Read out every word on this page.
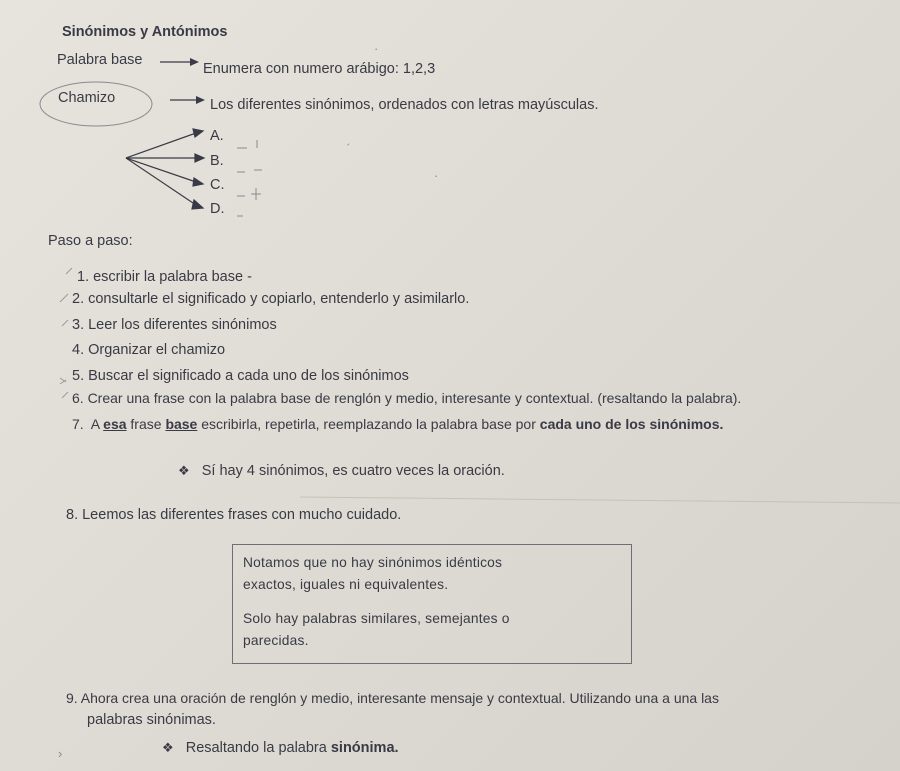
Sinónimos y Antónimos
Palabra base
Enumera con numero arábigo: 1,2,3
Chamizo	Los diferentes sinónimos, ordenados con letras mayúsculas.
A.
B.
C.
D.
Paso a paso:
1. escribir la palabra base -
2. consultarle el significado y copiarlo, entenderlo y asimilarlo.
3. Leer los diferentes sinónimos
4. Organizar el chamizo
5. Buscar el significado a cada uno de los sinónimos
6. Crear una frase con la palabra base de renglón y medio, interesante y contextual. (resaltando la palabra).
7. A esa frase base escribirla, repetirla, reemplazando la palabra base por cada uno de los sinónimos.
❖ Sí hay 4 sinónimos, es cuatro veces la oración.
8. Leemos las diferentes frases con mucho cuidado.
Notamos que no hay sinónimos idénticos
exactos, iguales ni equivalentes.
Solo hay palabras similares, semejantes o
parecidas.
9. Ahora crea una oración de renglón y medio, interesante mensaje y contextual. Utilizando una a una las
palabras sinónimas.
❖ Resaltando la palabra sinónima.
·
ˊ
·
›
